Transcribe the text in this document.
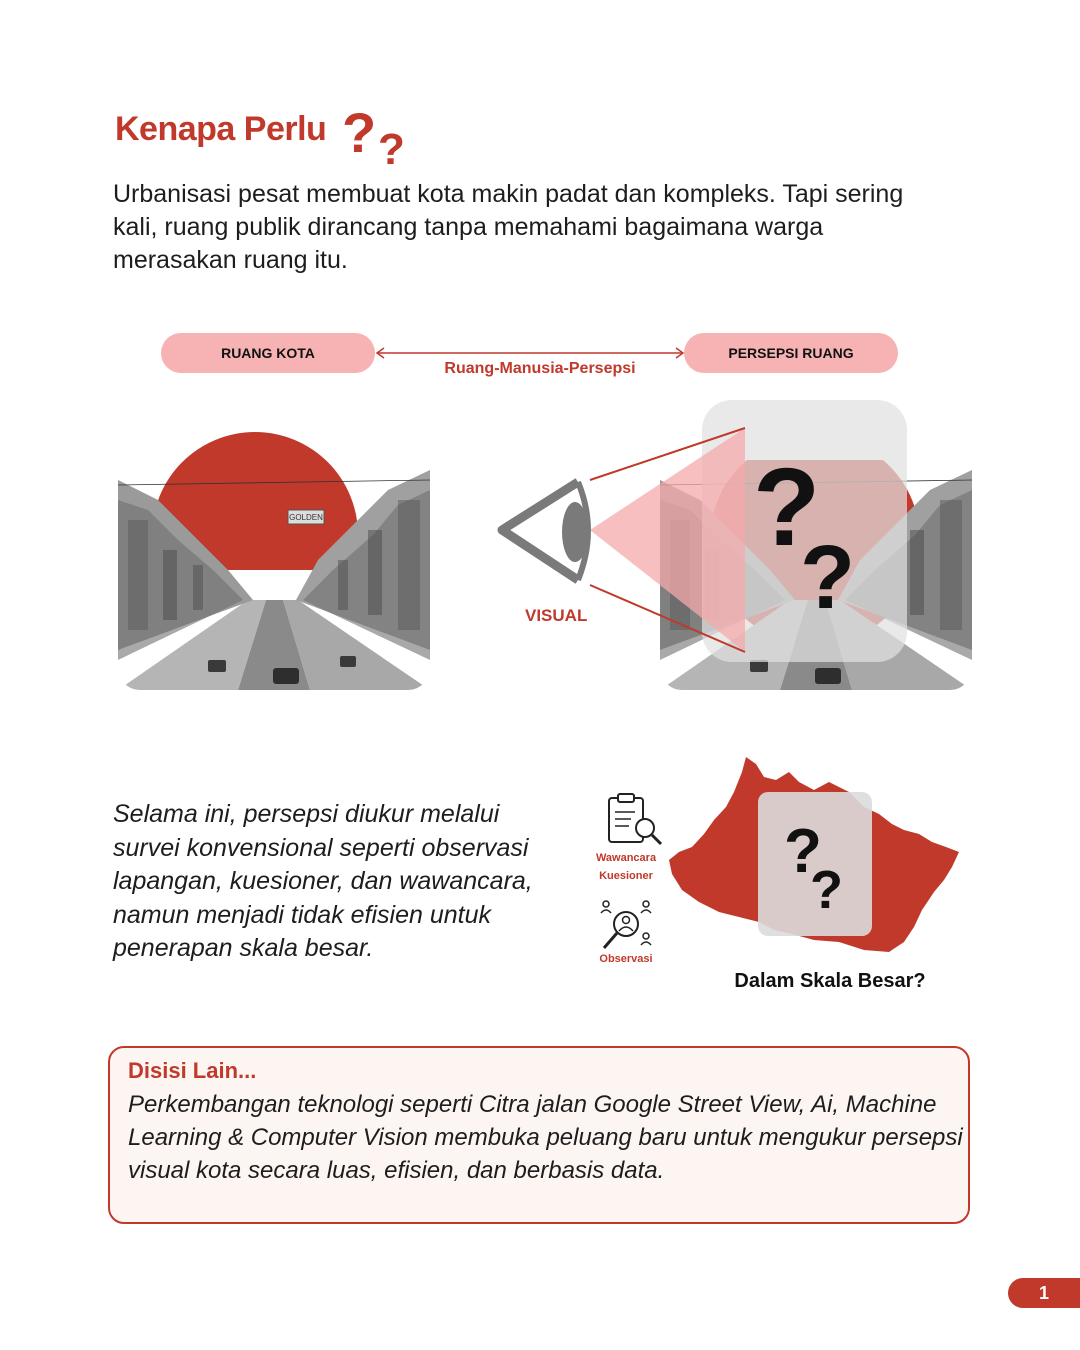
Kenapa Perlu ? ?
Urbanisasi pesat membuat kota makin padat dan kompleks. Tapi sering kali, ruang publik dirancang tanpa memahami bagaimana warga merasakan ruang itu.
RUANG KOTA	PERSEPSI RUANG
Ruang-Manusia-Persepsi
GOLDEN	?
?
VISUAL
Selama ini, persepsi diukur melalui survei konvensional seperti observasi lapangan, kuesioner, dan wawancara, namun menjadi tidak efisien untuk penerapan skala besar.
Wawancara
Kuesioner
Observasi
?
?
Dalam Skala Besar?
Disisi Lain...
Perkembangan teknologi seperti Citra jalan Google Street View, Ai, Machine Learning & Computer Vision membuka peluang baru untuk mengukur persepsi visual kota secara luas, efisien, dan berbasis data.
1
